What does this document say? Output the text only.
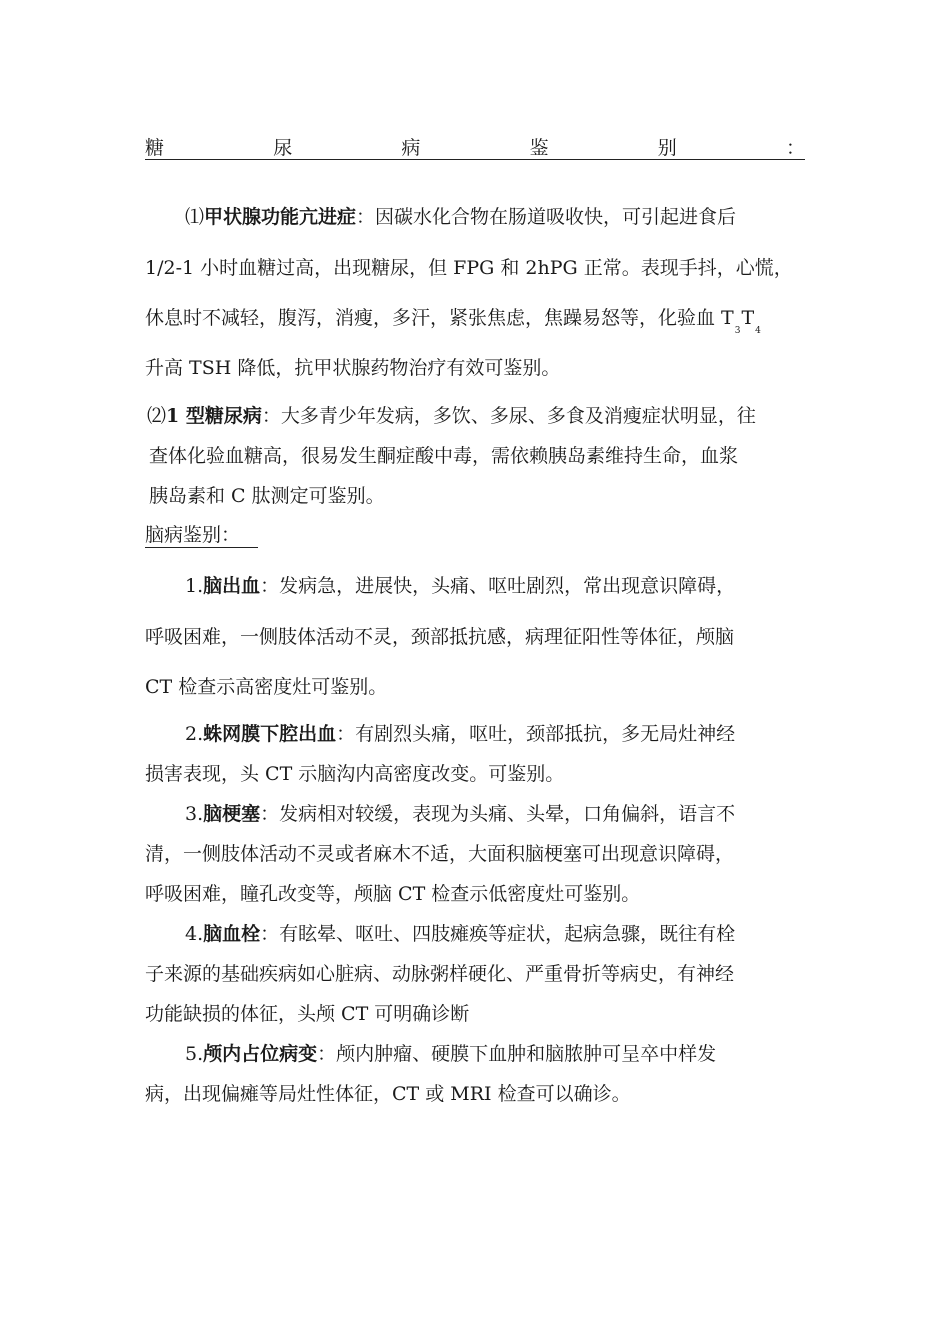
糖	尿	病	鉴	别	：
⑴甲状腺功能亢进症：因碳水化合物在肠道吸收快，可引起进食后
1/2-1 小时血糖过高，出现糖尿，但 FPG 和 2hPG 正常。表现手抖，心慌，
休息时不减轻，腹泻，消瘦，多汗，紧张焦虑，焦躁易怒等，化验血 $T_3T_4$
升高 TSH 降低，抗甲状腺药物治疗有效可鉴别。
⑵1 型糖尿病：大多青少年发病，多饮、多尿、多食及消瘦症状明显，往
查体化验血糖高，很易发生酮症酸中毒，需依赖胰岛素维持生命，血浆
胰岛素和 C 肽测定可鉴别。
脑病鉴别：
1.脑出血：发病急，进展快，头痛、呕吐剧烈，常出现意识障碍，
呼吸困难，一侧肢体活动不灵，颈部抵抗感，病理征阳性等体征，颅脑
CT 检查示高密度灶可鉴别。
2.蛛网膜下腔出血：有剧烈头痛，呕吐，颈部抵抗，多无局灶神经
损害表现，头 CT 示脑沟内高密度改变。可鉴别。
3.脑梗塞：发病相对较缓，表现为头痛、头晕，口角偏斜，语言不
清，一侧肢体活动不灵或者麻木不适，大面积脑梗塞可出现意识障碍，
呼吸困难，瞳孔改变等，颅脑 CT 检查示低密度灶可鉴别。
4.脑血栓：有眩晕、呕吐、四肢瘫痪等症状，起病急骤，既往有栓
子来源的基础疾病如心脏病、动脉粥样硬化、严重骨折等病史，有神经
功能缺损的体征，头颅 CT 可明确诊断
5.颅内占位病变：颅内肿瘤、硬膜下血肿和脑脓肿可呈卒中样发
病，出现偏瘫等局灶性体征，CT 或 MRI 检查可以确诊。
